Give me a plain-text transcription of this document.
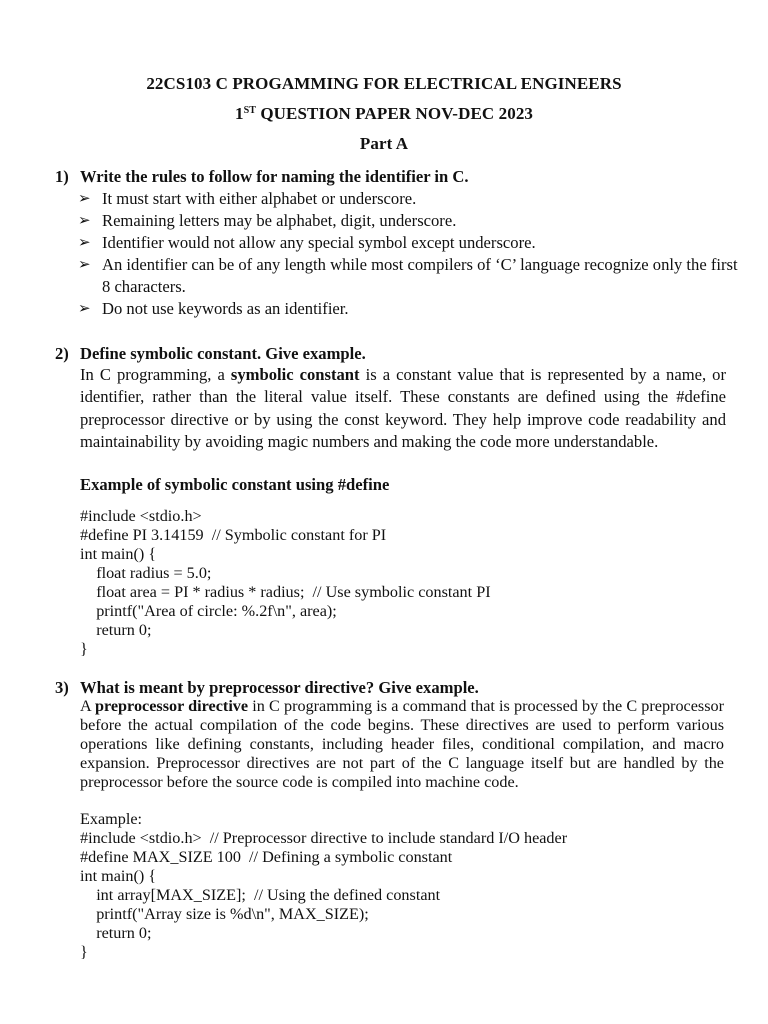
22CS103 C PROGAMMING FOR ELECTRICAL ENGINEERS
1ST QUESTION PAPER NOV-DEC 2023
Part A
1) Write the rules to follow for naming the identifier in C.
➢ It must start with either alphabet or underscore.
➢ Remaining letters may be alphabet, digit, underscore.
➢ Identifier would not allow any special symbol except underscore.
➢ An identifier can be of any length while most compilers of ‘C’ language recognize only the first 8 characters.
➢ Do not use keywords as an identifier.
2) Define symbolic constant. Give example.

In C programming, a symbolic constant is a constant value that is represented by a name, or identifier, rather than the literal value itself. These constants are defined using the #define preprocessor directive or by using the const keyword. They help improve code readability and maintainability by avoiding magic numbers and making the code more understandable.

Example of symbolic constant using #define
#include <stdio.h>
#define PI 3.14159  // Symbolic constant for PI
int main() {
float radius = 5.0;
float area = PI * radius * radius;  // Use symbolic constant PI
printf("Area of circle: %.2f\n", area);
return 0;
}
3) What is meant by preprocessor directive? Give example.

A preprocessor directive in C programming is a command that is processed by the C preprocessor before the actual compilation of the code begins. These directives are used to perform various operations like defining constants, including header files, conditional compilation, and macro expansion. Preprocessor directives are not part of the C language itself but are handled by the preprocessor before the source code is compiled into machine code.

Example:
#include <stdio.h>  // Preprocessor directive to include standard I/O header
#define MAX_SIZE 100  // Defining a symbolic constant
int main() {
int array[MAX_SIZE];  // Using the defined constant
printf("Array size is %d\n", MAX_SIZE);
return 0;
}
